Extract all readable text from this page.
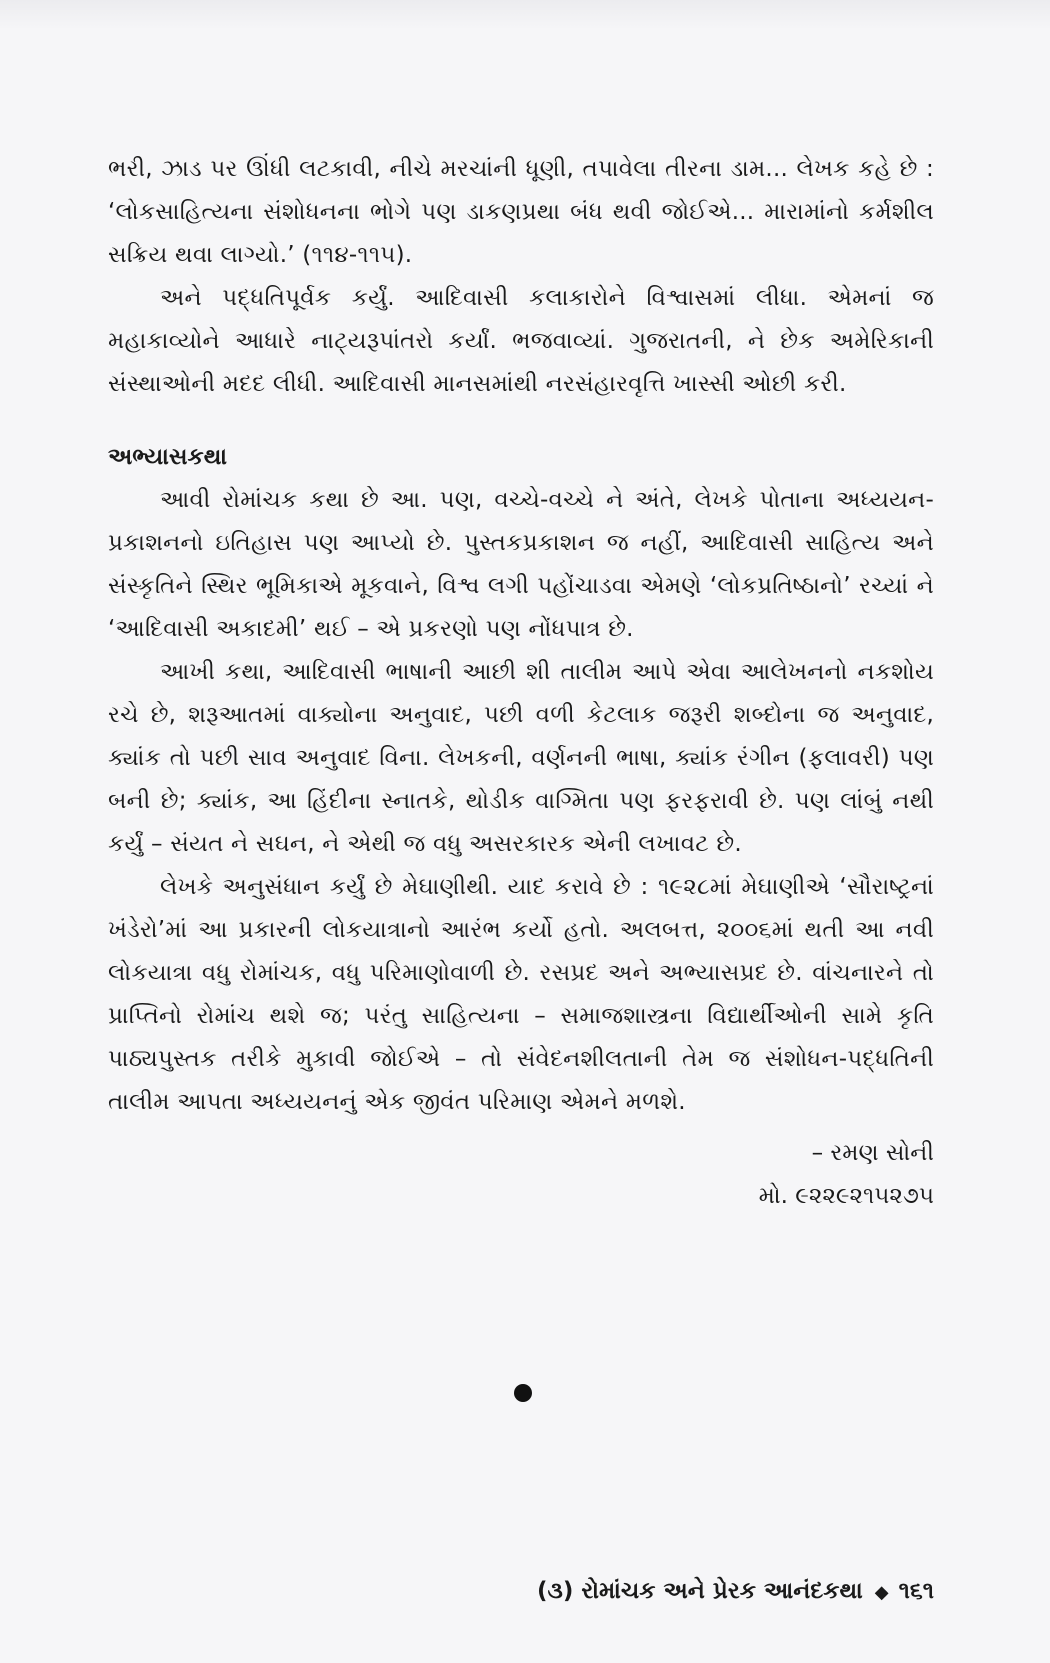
ભરી, ઝાડ પર ઊંધી લટકાવી, નીચે મરચાંની ધૂણી, તપાવેલા તીરના ડામ... લેખક કહે છે : ‘લોકસાહિત્યના સંશોધનના ભોગે પણ ડાકણપ્રથા બંધ થવી જોઈએ... મારામાંનો કર્મશીલ સક્રિય થવા લાગ્યો.’ (૧૧૪-૧૧૫).

અને પદ્ધતિપૂર્વક કર્યું. આદિવાસી કલાકારોને વિશ્વાસમાં લીધા. એમનાં જ મહાકાવ્યોને આધારે નાટ્યરૂપાંતરો કર્યાં. ભજવાવ્યાં. ગુજરાતની, ને છેક અમેરિકાની સંસ્થાઓની મદદ લીધી. આદિવાસી માનસમાંથી નરસંહારવૃત્તિ ખાસ્સી ઓછી કરી.

અભ્યાસકથા

આવી રોમાંચક કથા છે આ. પણ, વચ્ચે-વચ્ચે ને અંતે, લેખકે પોતાના અધ્યયન-પ્રકાશનનો ઇતિહાસ પણ આપ્યો છે. પુસ્તકપ્રકાશન જ નહીં, આદિવાસી સાહિત્ય અને સંસ્કૃતિને સ્થિર ભૂમિકાએ મૂકવાને, વિશ્વ લગી પહોંચાડવા એમણે ‘લોકપ્રતિષ્ઠાનો’ રચ્યાં ને ‘આદિવાસી અકાદમી’ થઈ – એ પ્રકરણો પણ નોંધપાત્ર છે.

આખી કથા, આદિવાસી ભાષાની આછી શી તાલીમ આપે એવા આલેખનનો નકશોય રચે છે, શરૂઆતમાં વાક્યોના અનુવાદ, પછી વળી કેટલાક જરૂરી શબ્દોના જ અનુવાદ, ક્યાંક તો પછી સાવ અનુવાદ વિના. લેખકની, વર્ણનની ભાષા, ક્યાંક રંગીન (ફલાવરી) પણ બની છે; ક્યાંક, આ હિંદીના સ્નાતકે, થોડીક વાગ્મિતા પણ ફરફરાવી છે. પણ લાંબું નથી કર્યું – સંયત ને સઘન, ને એથી જ વધુ અસરકારક એની લખાવટ છે.

લેખકે અનુસંધાન કર્યું છે મેઘાણીથી. યાદ કરાવે છે : ૧૯૨૮માં મેઘાણીએ ‘સૌરાષ્ટ્રનાં ખંડેરો’માં આ પ્રકારની લોકયાત્રાનો આરંભ કર્યો હતો. અલબત્ત, ૨૦૦૬માં થતી આ નવી લોકયાત્રા વધુ રોમાંચક, વધુ પરિમાણોવાળી છે. રસપ્રદ અને અભ્યાસપ્રદ છે. વાંચનારને તો પ્રાપ્તિનો રોમાંચ થશે જ; પરંતુ સાહિત્યના – સમાજશાસ્ત્રના વિદ્યાર્થીઓની સામે કૃતિ પાઠ્યપુસ્તક તરીકે મુકાવી જોઈએ – તો સંવેદનશીલતાની તેમ જ સંશોધન-પદ્ધતિની તાલીમ આપતા અધ્યયનનું એક જીવંત પરિમાણ એમને મળશે.

– રમણ સોની
મો. ૯૨૨૯૨૧૫૨૭૫
(૩) રોમાંચક અને પ્રેરક આનંદકથા ◆ ૧૬૧
